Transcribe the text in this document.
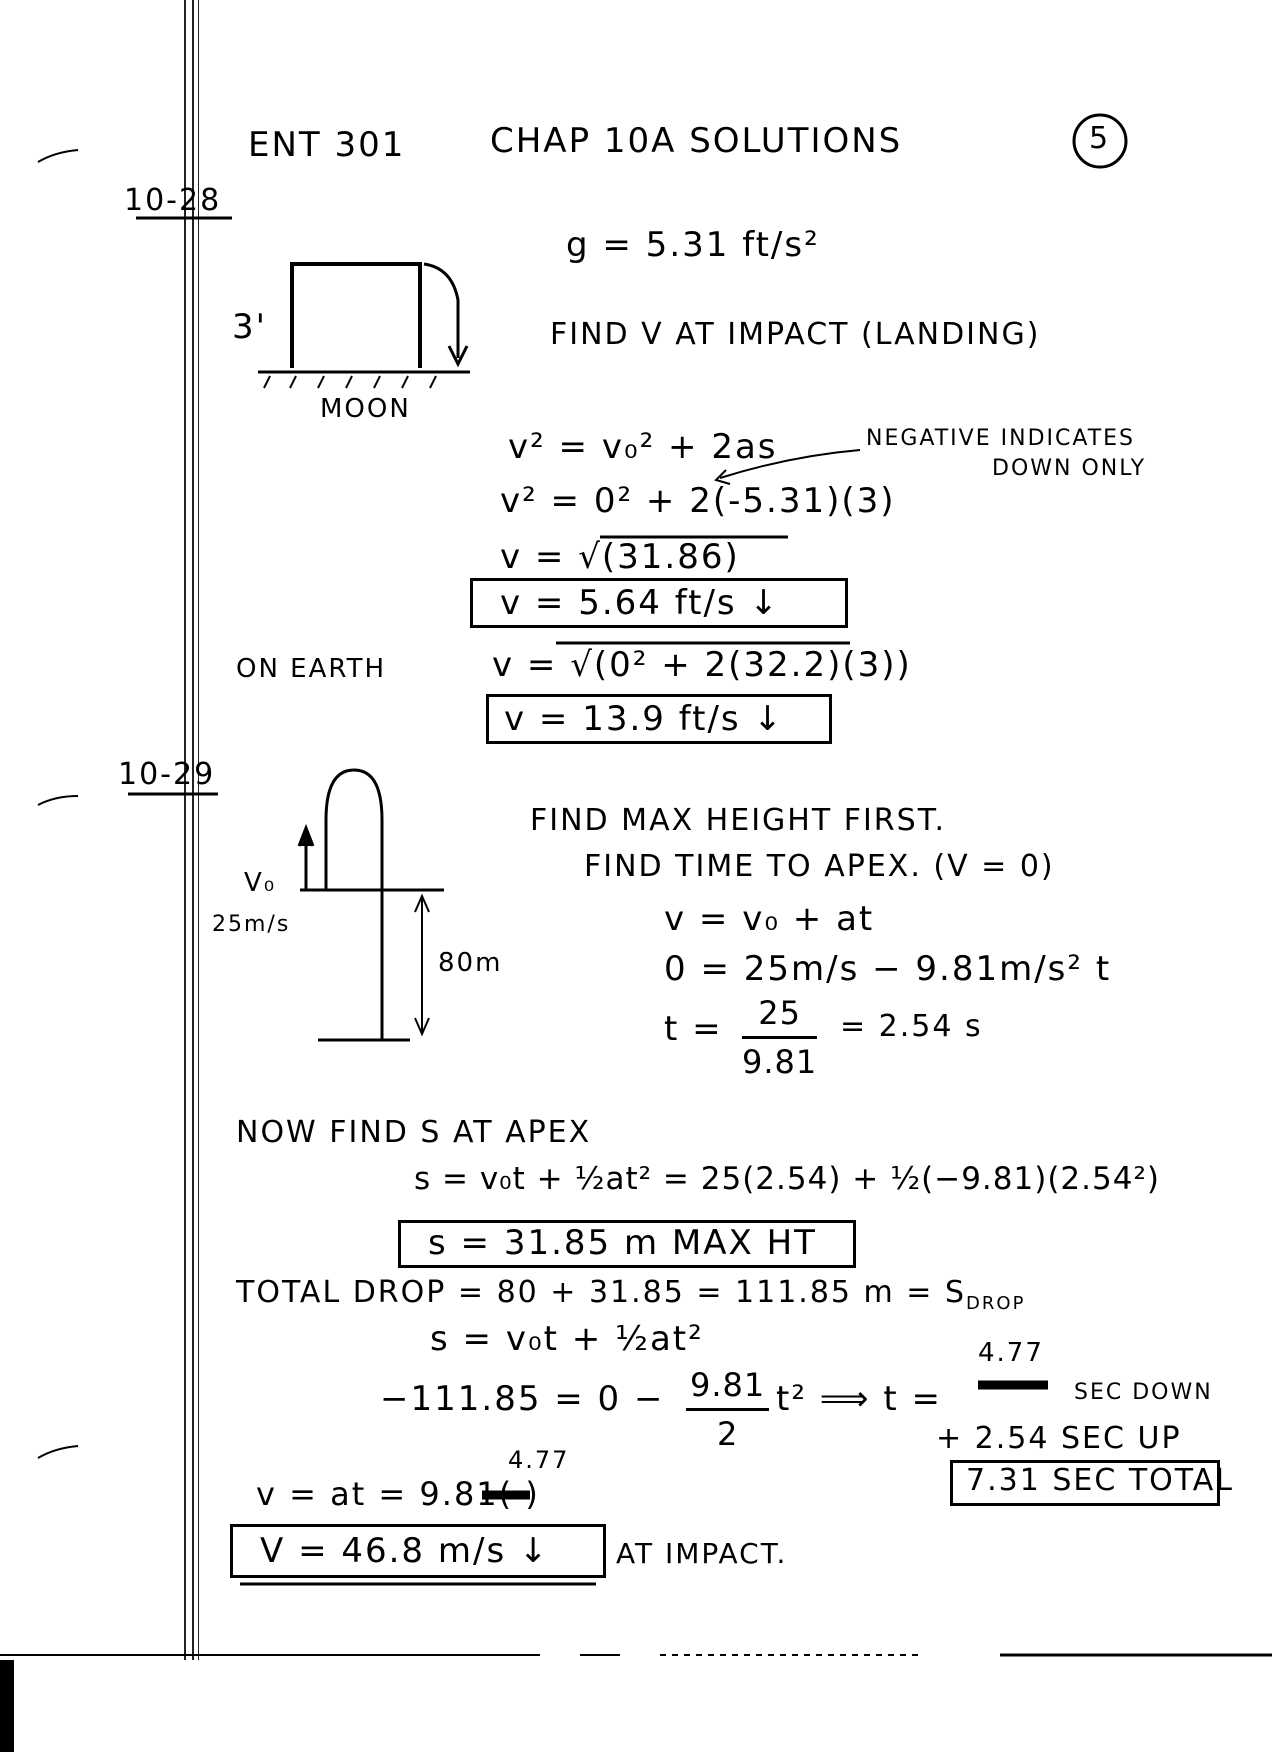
ENT 301 CHAP 10A SOLUTIONS	5
10-28
3'
MOON
g = 5.31 ft/s²
FIND V AT IMPACT (LANDING)
v² = v₀² + 2as	NEGATIVE INDICATES
DOWN ONLY
v² = 0² + 2(-5.31)(3)
v = √(31.86)
v = 5.64 ft/s ↓
ON EARTH	v = √(0² + 2(32.2)(3))
v = 13.9 ft/s ↓
10-29
V₀
25m/s
80m
FIND MAX HEIGHT FIRST.
FIND TIME TO APEX. (V = 0)
v = v₀ + at
0 = 25m/s − 9.81m/s² t
$t = \frac{25}{9.81} = 2.54$ s
NOW FIND S AT APEX
s = v₀t + ½at² = 25(2.54) + ½(−9.81)(2.54²)
s = 31.85 m MAX HT
TOTAL DROP = 80 + 31.85 = 111.85 $m = S_{DROP}$
s = v₀t + ½at²
$-111.85 = 0 - \frac{9.81}{2} t^2$ ⟹ t =
4.77
SEC DOWN
+ 2.54 SEC UP
7.31 SEC TOTAL
4.77
v = at = 9.81( )
V = 46.8 m/s ↓ AT IMPACT.
